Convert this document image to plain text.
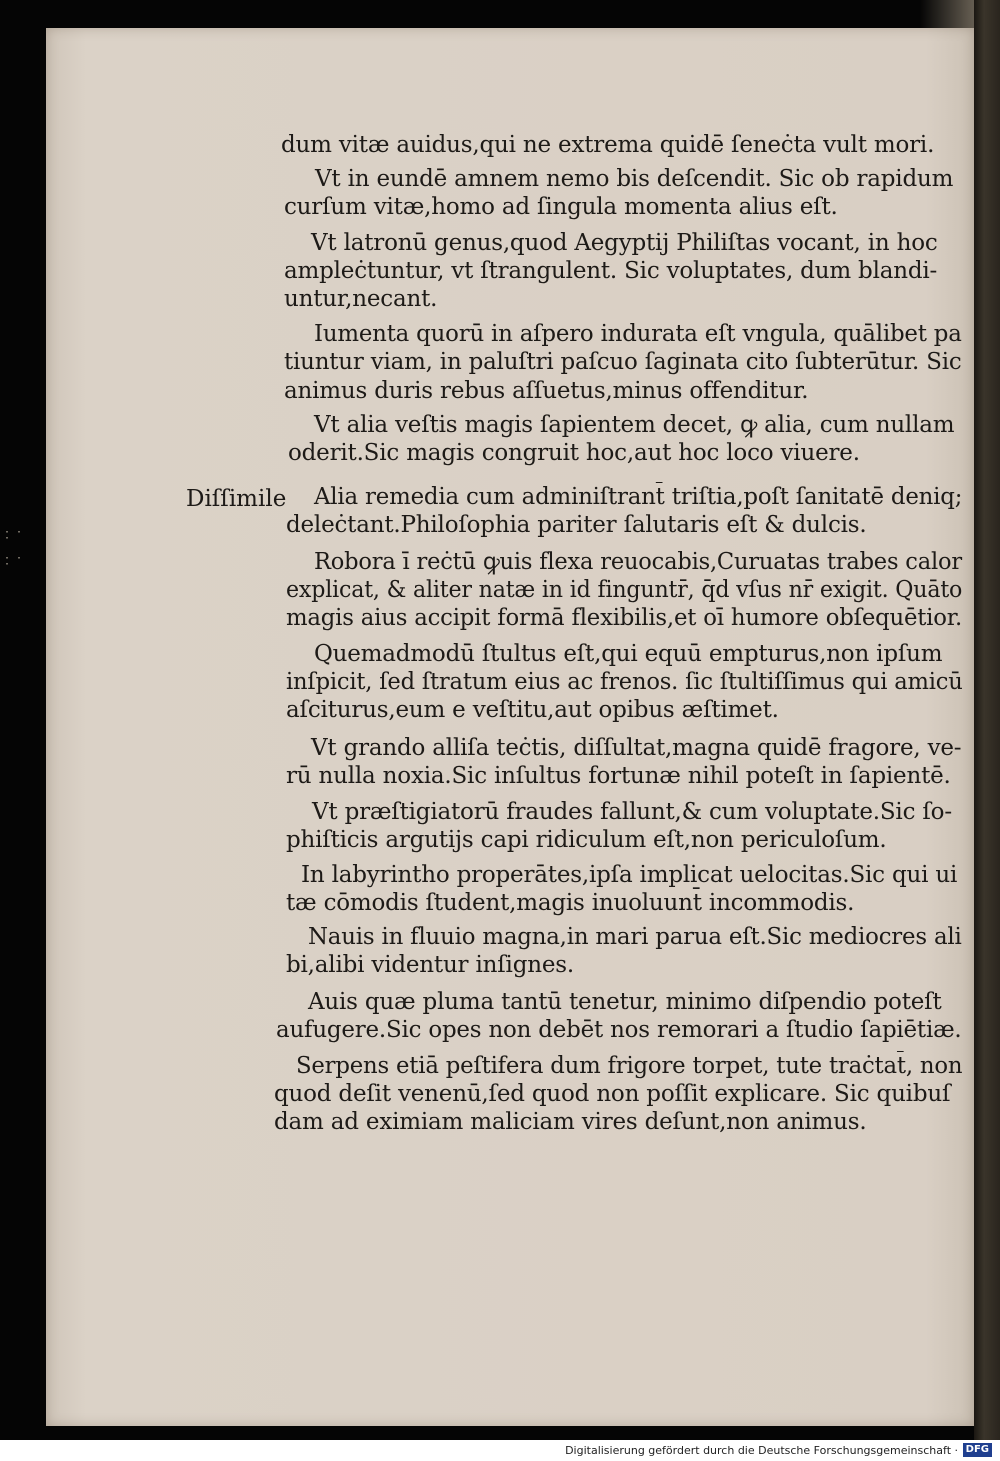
· · ·
· · ·
dum vitæ auidus,qui ne extrema quidē ſeneċta vult mori.
Vt in eundē amnem nemo bis deſcendit. Sic ob rapidum
curſum vitæ,homo ad ſingula momenta alius eſt.
Vt latronū genus,quod Aegyptij Philiſtas vocant, in hoc
ampleċtuntur, vt ſtrangulent. Sic voluptates, dum blandi-
untur,necant.
Iumenta quorū in aſpero indurata eſt vngula, quālibet pa
tiuntur viam, in paluſtri paſcuo ſaginata cito ſubterūtur. Sic
animus duris rebus aſſuetus,minus offenditur.
Vt alia veſtis magis ſapientem decet, ꝙ alia, cum nullam
oderit.Sic magis congruit hoc,aut hoc loco viuere.
Alia remedia cum adminiſtrant̄ triſtia,poſt ſanitatē deniq;
deleċtant.Philoſophia pariter ſalutaris eſt & dulcis.
Robora ī reċtū ꝙuis flexa reuocabis,Curuatas trabes calor
explicat, & aliter natæ in id finguntr̄, q̄d vſus nr̄ exigit. Quāto
magis aius accipit formā flexibilis,et oī humore obſequētior.
Quemadmodū ſtultus eſt,qui equū empturus,non ipſum
inſpicit, ſed ſtratum eius ac frenos. ſic ſtultiſſimus qui amicū
aſciturus,eum e veſtitu,aut opibus æſtimet.
Vt grando alliſa teċtis, diſſultat,magna quidē fragore, ve-
rū nulla noxia.Sic inſultus fortunæ nihil poteſt in ſapientē.
Vt præſtigiatorū fraudes fallunt,& cum voluptate.Sic ſo-
phiſticis argutijs capi ridiculum eſt,non periculoſum.
In labyrintho properātes,ipſa implicat uelocitas.Sic qui ui
tæ cōmodis ſtudent,magis inuoluunt̄ incommodis.
Nauis in fluuio magna,in mari parua eſt.Sic mediocres ali
bi,alibi videntur inſignes.
Auis quæ pluma tantū tenetur, minimo diſpendio poteſt
aufugere.Sic opes non debēt nos remorari a ſtudio ſapiētiæ.
Serpens etiā peſtifera dum frigore torpet, tute traċtat̄, non
quod deſit venenū,ſed quod non poſſit explicare. Sic quibuſ
dam ad eximiam maliciam vires deſunt,non animus.
Diſſimile
Digitalisierung gefördert durch die Deutsche Forschungsgemeinschaft · DFG
